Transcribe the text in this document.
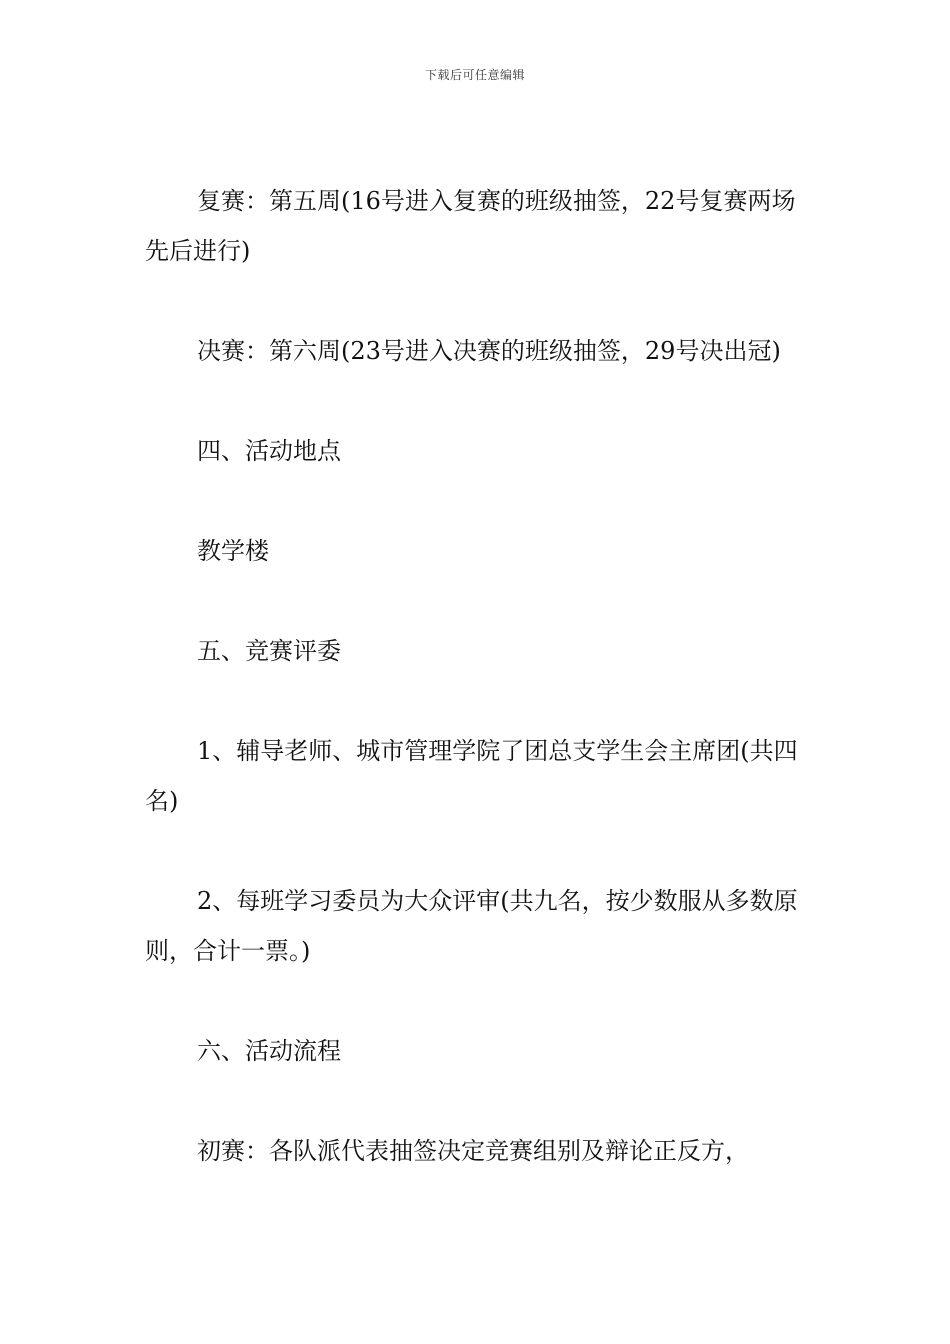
下载后可任意编辑

复赛：第五周(16号进入复赛的班级抽签，22号复赛两场先后进行)

决赛：第六周(23号进入决赛的班级抽签，29号决出冠)

四、活动地点

教学楼

五、竞赛评委

1、辅导老师、城市管理学院了团总支学生会主席团(共四名)

2、每班学习委员为大众评审(共九名，按少数服从多数原则，合计一票。)

六、活动流程

初赛：各队派代表抽签决定竞赛组别及辩论正反方，
